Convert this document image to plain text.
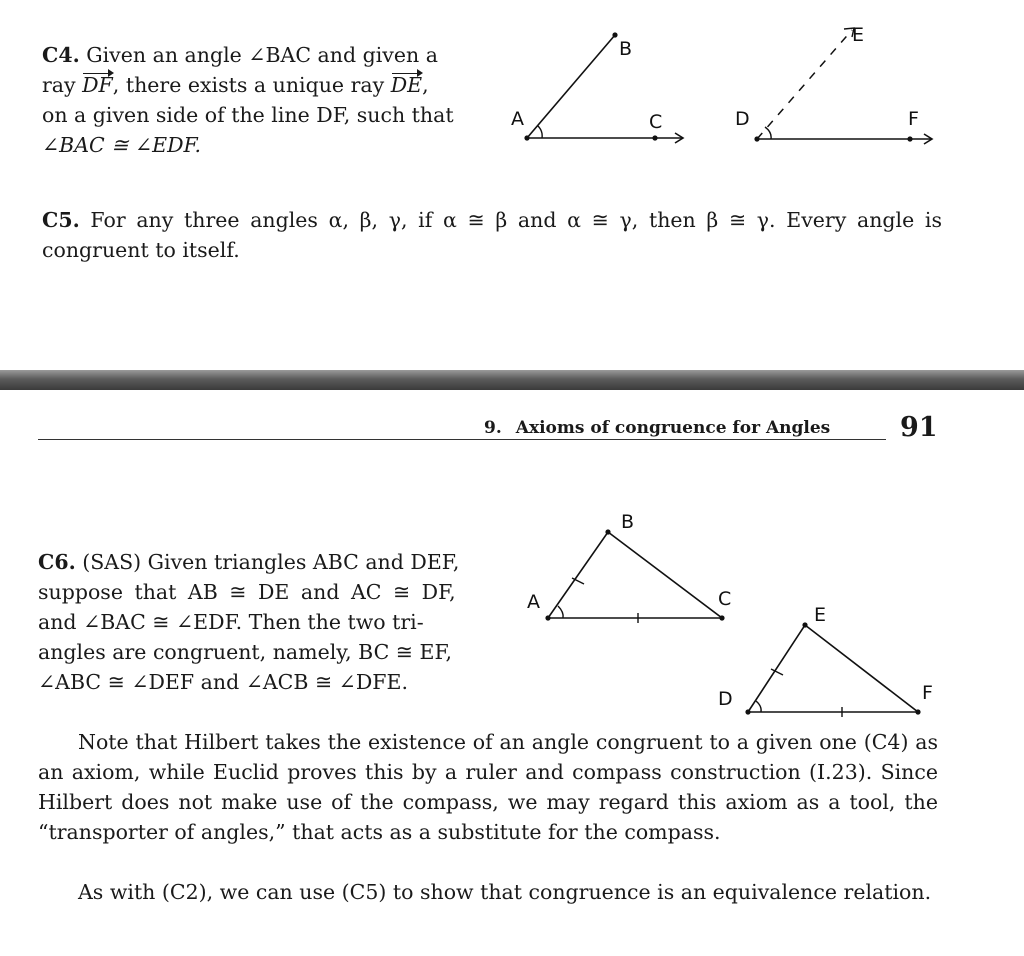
C4. Given an angle ∠BAC and given a
ray DF, there exists a unique ray DE,
on a given side of the line DF, such that
∠BAC ≅ ∠EDF.
A
B
C	D
E
F
C5. For any three angles α, β, γ, if α ≅ β and α ≅ γ, then β ≅ γ. Every angle is congruent to itself.
9. Axioms of congruence for Angles	91
C6. (SAS) Given triangles ABC and DEF,
suppose that AB ≅ DE and AC ≅ DF,
and ∠BAC ≅ ∠EDF. Then the two tri-
angles are congruent, namely, BC ≅ EF,
∠ABC ≅ ∠DEF and ∠ACB ≅ ∠DFE.
A
B
C
D
E
F

Note that Hilbert takes the existence of an angle congruent to a given one (C4) as an axiom, while Euclid proves this by a ruler and compass construction (I.23). Since Hilbert does not make use of the compass, we may regard this axiom as a tool, the “transporter of angles,” that acts as a substitute for the compass.

As with (C2), we can use (C5) to show that congruence is an equivalence relation.
